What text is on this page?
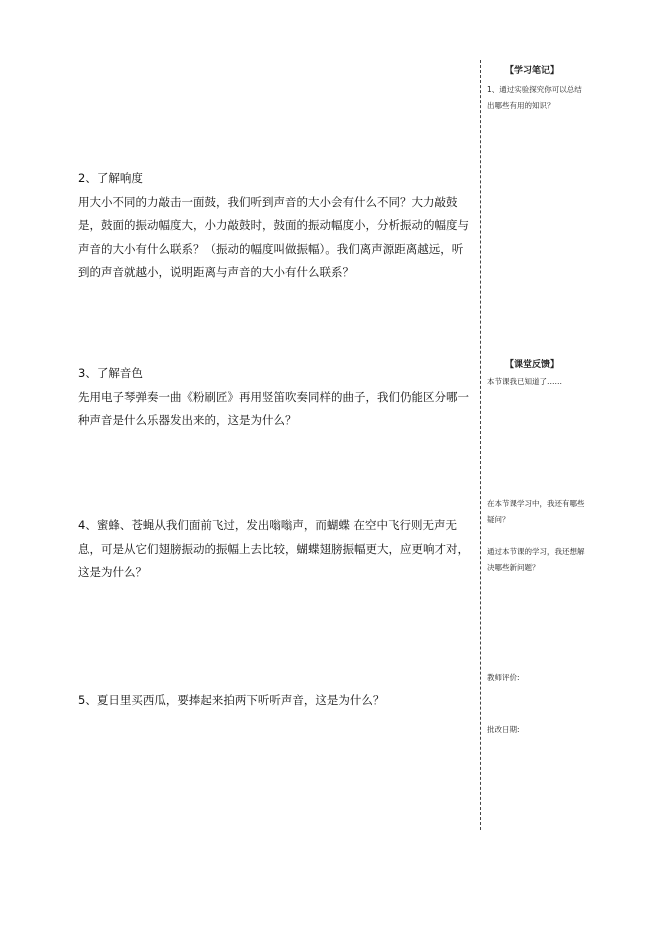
2、了解响度

用大小不同的力敲击一面鼓，我们听到声音的大小会有什么不同？大力敲鼓是，鼓面的振动幅度大，小力敲鼓时，鼓面的振动幅度小，分析振动的幅度与声音的大小有什么联系？（振动的幅度叫做振幅）。我们离声源距离越远，听到的声音就越小，说明距离与声音的大小有什么联系？

3、了解音色

先用电子琴弹奏一曲《粉刷匠》再用竖笛吹奏同样的曲子，我们仍能区分哪一种声音是什么乐器发出来的，这是为什么？

4、蜜蜂、苍蝇从我们面前飞过，发出嗡嗡声，而蝴蝶 在空中飞行则无声无息，可是从它们翅膀振动的振幅上去比较，蝴蝶翅膀振幅更大，应更响才对，这是为什么？

5、夏日里买西瓜，要捧起来拍两下听听声音，这是为什么？

【学习笔记】

1、通过实验探究你可以总结出哪些有用的知识？

【课堂反馈】

本节课我已知道了……

在本节课学习中，我还有哪些疑问？

通过本节课的学习，我还想解决哪些新问题？

教师评价:
批改日期:
